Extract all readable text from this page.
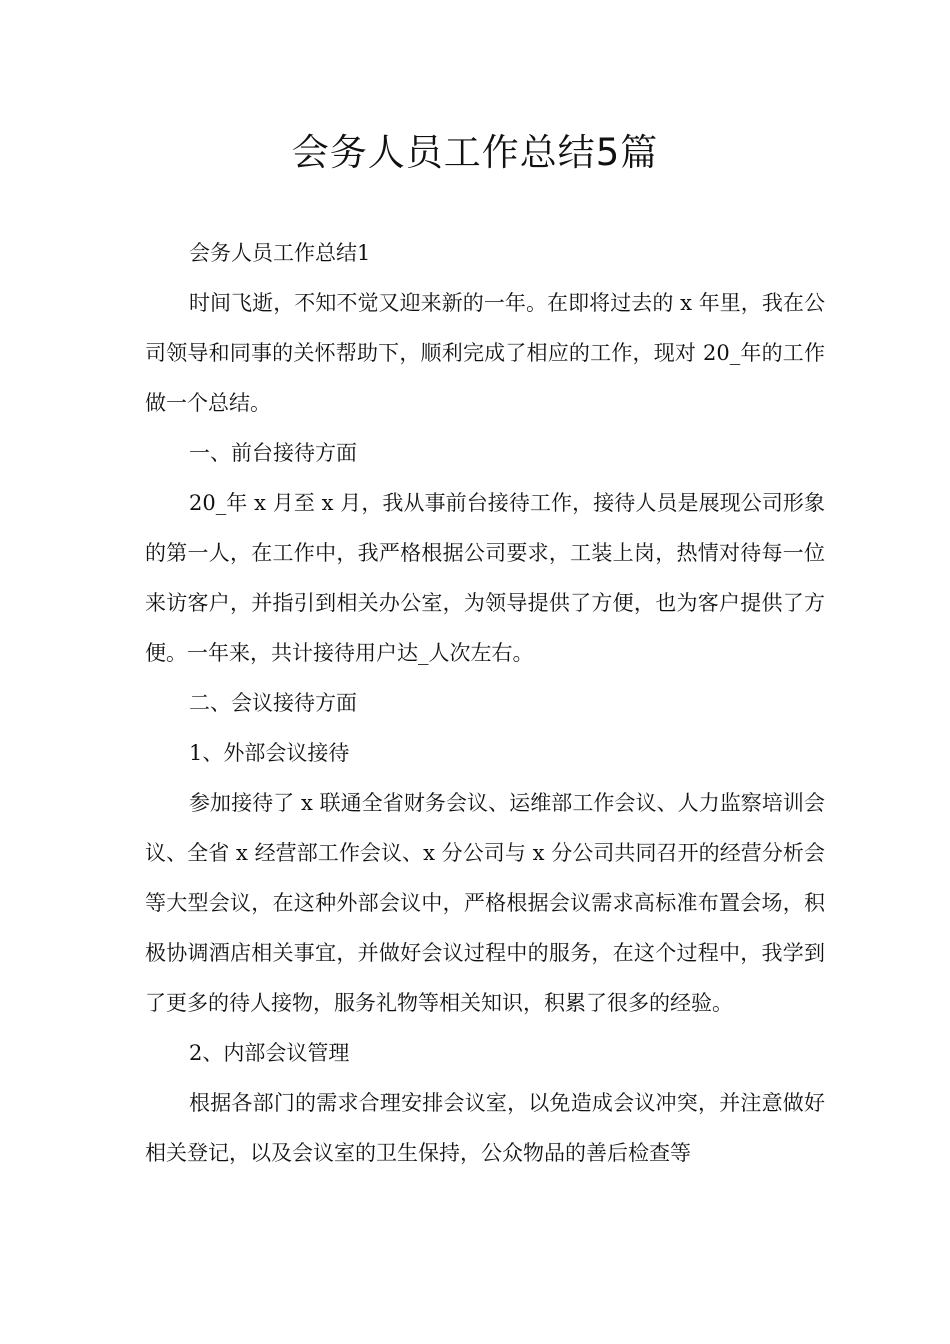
会务人员工作总结5篇

会务人员工作总结1

时间飞逝，不知不觉又迎来新的一年。在即将过去的 x 年里，我在公司领导和同事的关怀帮助下，顺利完成了相应的工作，现对 20_年的工作做一个总结。

一、前台接待方面

20_年 x 月至 x 月，我从事前台接待工作，接待人员是展现公司形象的第一人，在工作中，我严格根据公司要求，工装上岗，热情对待每一位来访客户，并指引到相关办公室，为领导提供了方便，也为客户提供了方便。一年来，共计接待用户达_人次左右。

二、会议接待方面

1、外部会议接待

参加接待了 x 联通全省财务会议、运维部工作会议、人力监察培训会议、全省 x 经营部工作会议、x 分公司与 x 分公司共同召开的经营分析会等大型会议，在这种外部会议中，严格根据会议需求高标准布置会场，积极协调酒店相关事宜，并做好会议过程中的服务，在这个过程中，我学到了更多的待人接物，服务礼物等相关知识，积累了很多的经验。

2、内部会议管理

根据各部门的需求合理安排会议室，以免造成会议冲突，并注意做好相关登记，以及会议室的卫生保持，公众物品的善后检查等
